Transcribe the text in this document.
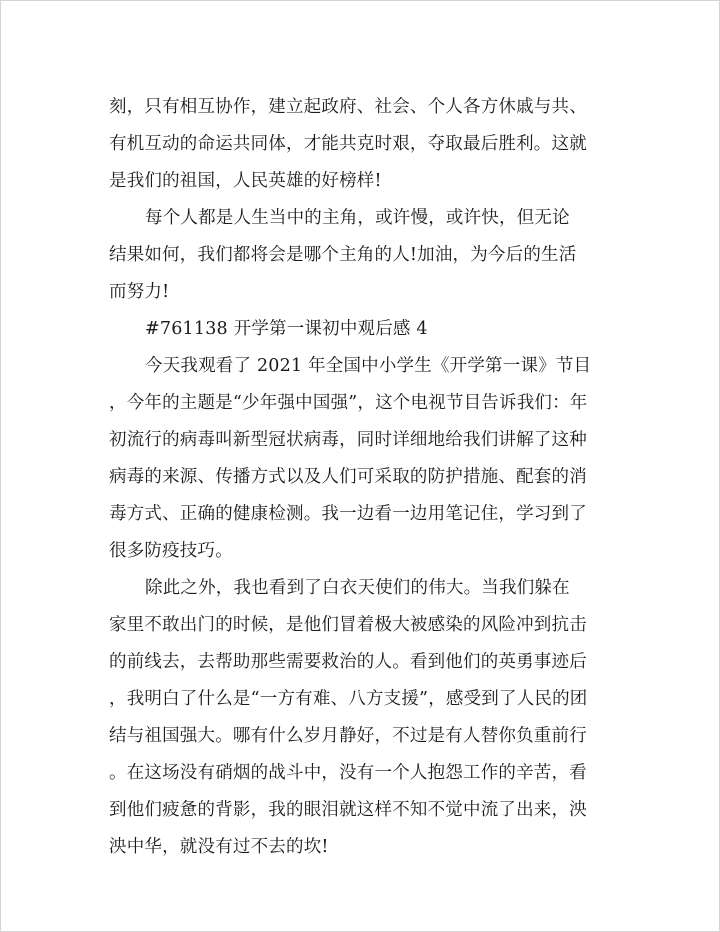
刻，只有相互协作，建立起政府、社会、个人各方休戚与共、
有机互动的命运共同体，才能共克时艰，夺取最后胜利。这就
是我们的祖国，人民英雄的好榜样!
每个人都是人生当中的主角，或许慢，或许快，但无论
结果如何，我们都将会是哪个主角的人!加油，为今后的生活
而努力!
#761138 开学第一课初中观后感 4
今天我观看了 2021 年全国中小学生《开学第一课》节目
，今年的主题是“少年强中国强”，这个电视节目告诉我们：年
初流行的病毒叫新型冠状病毒，同时详细地给我们讲解了这种
病毒的来源、传播方式以及人们可采取的防护措施、配套的消
毒方式、正确的健康检测。我一边看一边用笔记住，学习到了
很多防疫技巧。
除此之外，我也看到了白衣天使们的伟大。当我们躲在
家里不敢出门的时候，是他们冒着极大被感染的风险冲到抗击
的前线去，去帮助那些需要救治的人。看到他们的英勇事迹后
，我明白了什么是“一方有难、八方支援”，感受到了人民的团
结与祖国强大。哪有什么岁月静好，不过是有人替你负重前行
。在这场没有硝烟的战斗中，没有一个人抱怨工作的辛苦，看
到他们疲惫的背影，我的眼泪就这样不知不觉中流了出来，泱
泱中华，就没有过不去的坎!
